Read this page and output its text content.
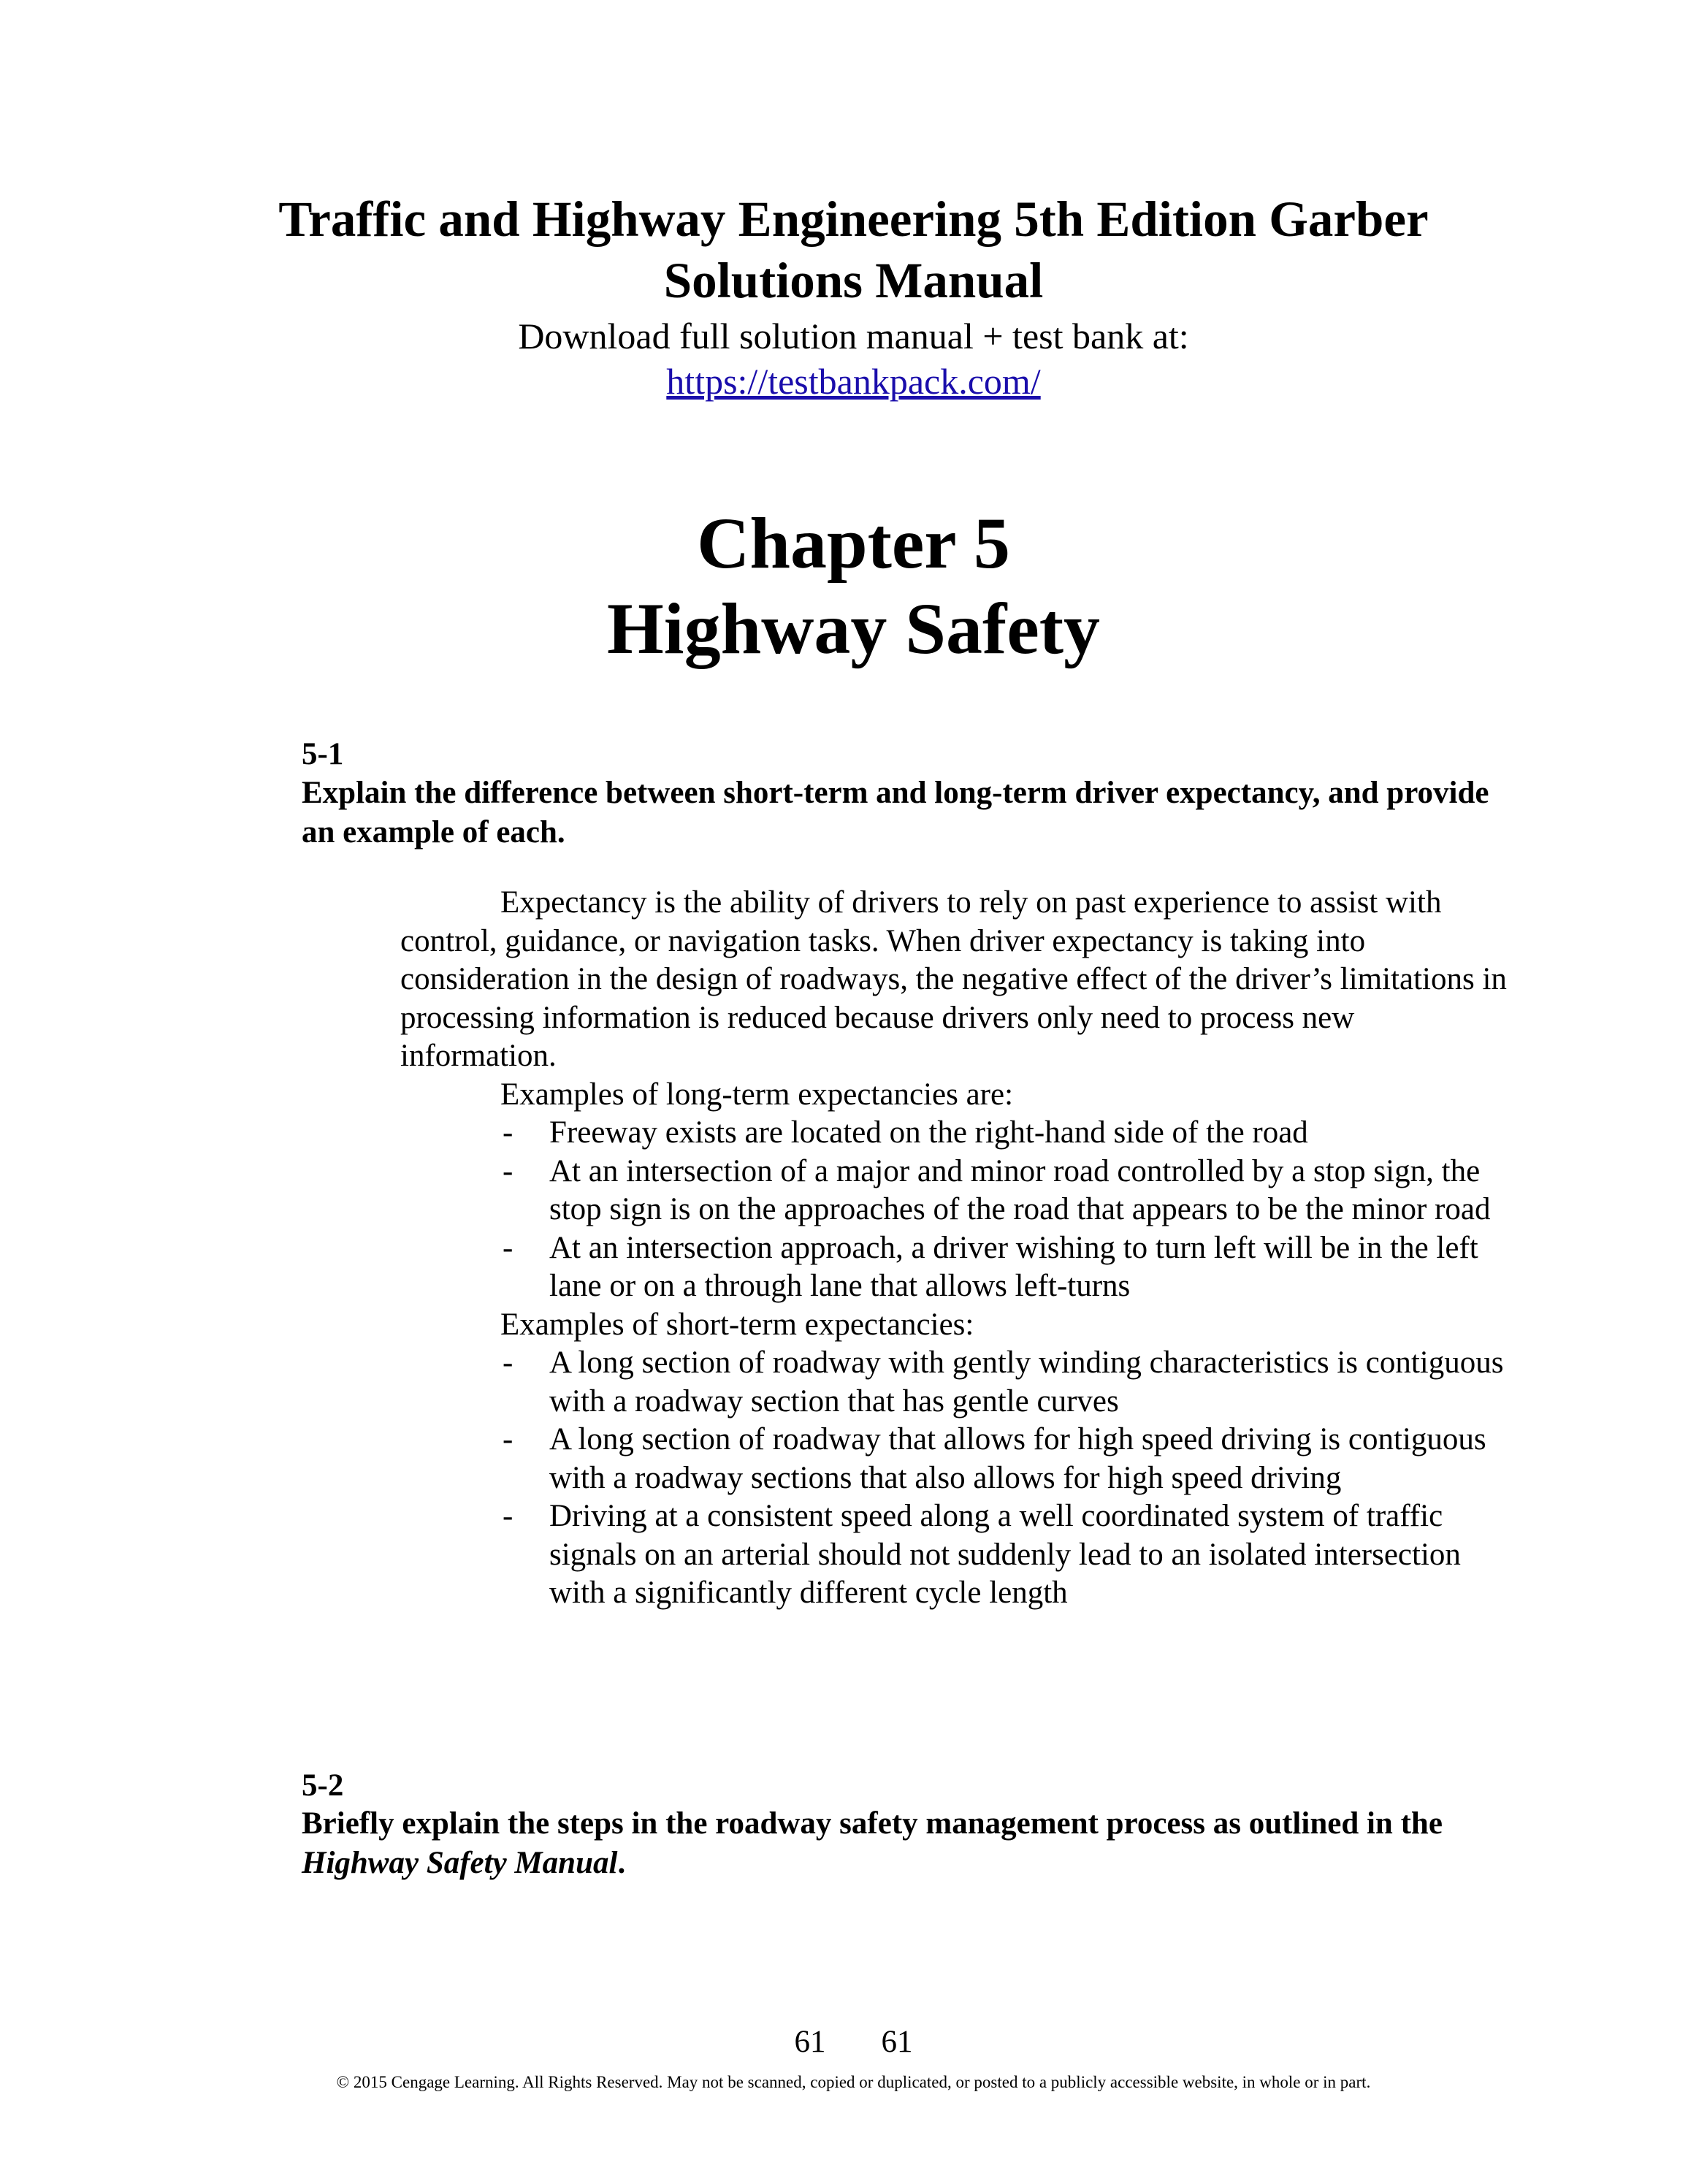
Traffic and Highway Engineering 5th Edition Garber
Solutions Manual
Download full solution manual + test bank at:
https://testbankpack.com/
Chapter 5
Highway Safety
5-1
Explain the difference between short-term and long-term driver expectancy, and provide an example of each.

Expectancy is the ability of drivers to rely on past experience to assist with control, guidance, or navigation tasks. When driver expectancy is taking into consideration in the design of roadways, the negative effect of the driver’s limitations in processing information is reduced because drivers only need to process new information.

Examples of long-term expectancies are:

- Freeway exists are located on the right-hand side of the road

- At an intersection of a major and minor road controlled by a stop sign, the stop sign is on the approaches of the road that appears to be the minor road

- At an intersection approach, a driver wishing to turn left will be in the left lane or on a through lane that allows left-turns

Examples of short-term expectancies:

- A long section of roadway with gently winding characteristics is contiguous with a roadway section that has gentle curves

- A long section of roadway that allows for high speed driving is contiguous with a roadway sections that also allows for high speed driving

- Driving at a consistent speed along a well coordinated system of traffic signals on an arterial should not suddenly lead to an isolated intersection with a significantly different cycle length

5-2
Briefly explain the steps in the roadway safety management process as outlined in the Highway Safety Manual.
61 61
© 2015 Cengage Learning. All Rights Reserved. May not be scanned, copied or duplicated, or posted to a publicly accessible website, in whole or in part.
